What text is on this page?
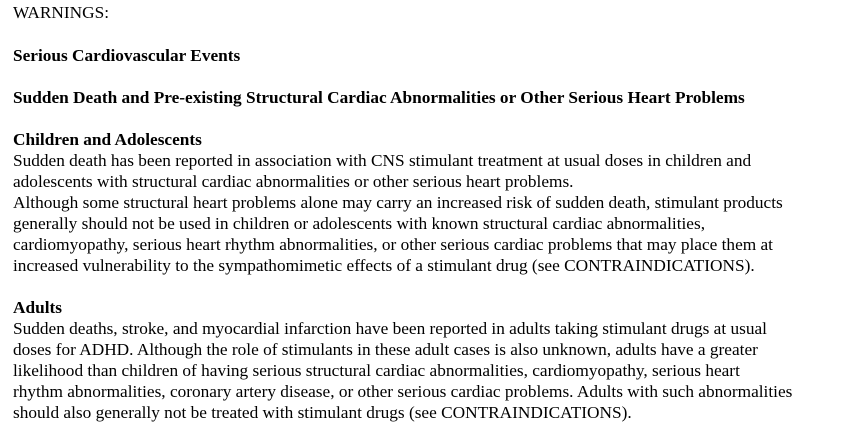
WARNINGS:
Serious Cardiovascular Events
Sudden Death and Pre-existing Structural Cardiac Abnormalities or Other Serious Heart Problems
Children and Adolescents
Sudden death has been reported in association with CNS stimulant treatment at usual doses in children and
adolescents with structural cardiac abnormalities or other serious heart problems.
Although some structural heart problems alone may carry an increased risk of sudden death, stimulant products
generally should not be used in children or adolescents with known structural cardiac abnormalities,
cardiomyopathy, serious heart rhythm abnormalities, or other serious cardiac problems that may place them at
increased vulnerability to the sympathomimetic effects of a stimulant drug (see CONTRAINDICATIONS).
Adults
Sudden deaths, stroke, and myocardial infarction have been reported in adults taking stimulant drugs at usual
doses for ADHD. Although the role of stimulants in these adult cases is also unknown, adults have a greater
likelihood than children of having serious structural cardiac abnormalities, cardiomyopathy, serious heart
rhythm abnormalities, coronary artery disease, or other serious cardiac problems. Adults with such abnormalities
should also generally not be treated with stimulant drugs (see CONTRAINDICATIONS).
